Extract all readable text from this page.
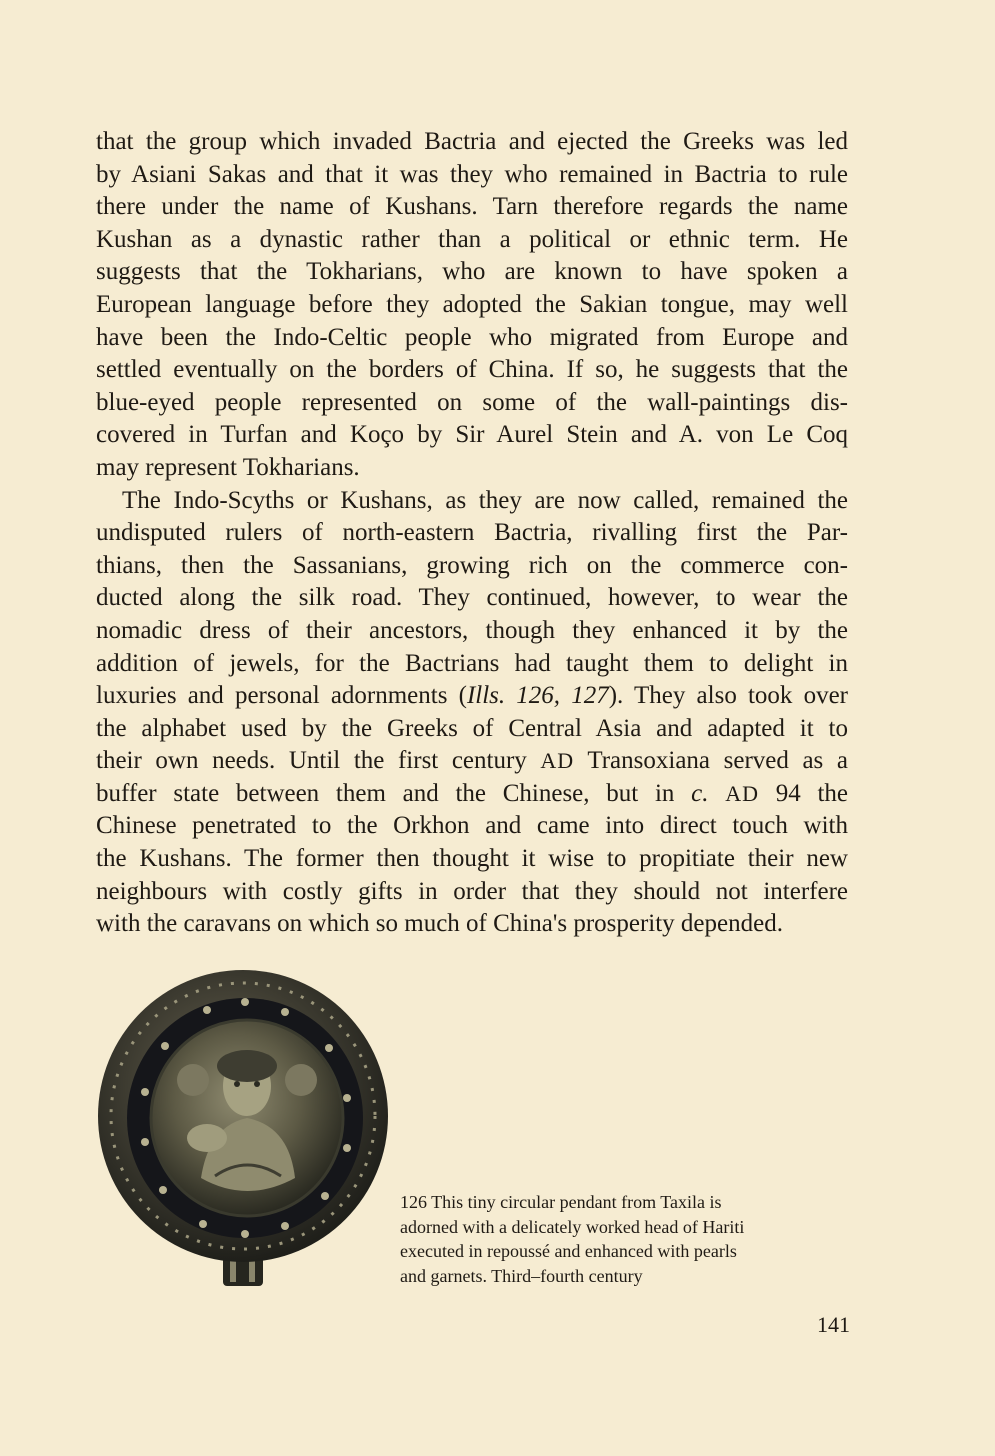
that the group which invaded Bactria and ejected the Greeks was led
by Asiani Sakas and that it was they who remained in Bactria to rule
there under the name of Kushans. Tarn therefore regards the name
Kushan as a dynastic rather than a political or ethnic term. He
suggests that the Tokharians, who are known to have spoken a
European language before they adopted the Sakian tongue, may well
have been the Indo-Celtic people who migrated from Europe and
settled eventually on the borders of China. If so, he suggests that the
blue-eyed people represented on some of the wall-paintings dis-
covered in Turfan and Koço by Sir Aurel Stein and A. von Le Coq
may represent Tokharians.

The Indo-Scyths or Kushans, as they are now called, remained the
undisputed rulers of north-eastern Bactria, rivalling first the Par-
thians, then the Sassanians, growing rich on the commerce con-
ducted along the silk road. They continued, however, to wear the
nomadic dress of their ancestors, though they enhanced it by the
addition of jewels, for the Bactrians had taught them to delight in
luxuries and personal adornments (Ills. 126, 127). They also took over
the alphabet used by the Greeks of Central Asia and adapted it to
their own needs. Until the first century AD Transoxiana served as a
buffer state between them and the Chinese, but in c. AD 94 the
Chinese penetrated to the Orkhon and came into direct touch with
the Kushans. The former then thought it wise to propitiate their new
neighbours with costly gifts in order that they should not interfere
with the caravans on which so much of China's prosperity depended.

126 This tiny circular pendant from Taxila is
adorned with a delicately worked head of Hariti
executed in repoussé and enhanced with pearls
and garnets. Third–fourth century
141
